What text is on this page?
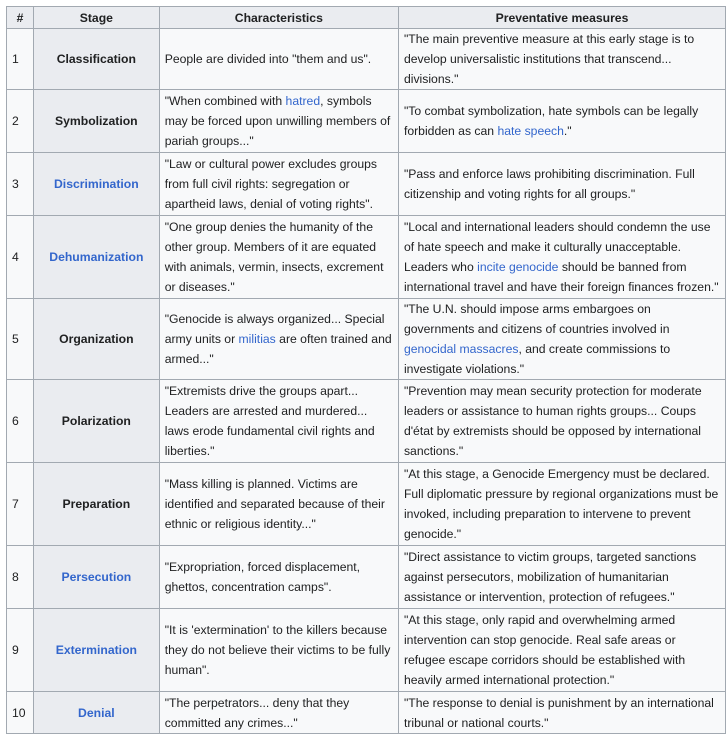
#	Stage	Characteristics	Preventative measures
1	Classification	People are divided into "them and us".	"The main preventive measure at this early stage is to develop universalistic institutions that transcend... divisions."
2	Symbolization	"When combined with hatred, symbols may be forced upon unwilling members of pariah groups..."	"To combat symbolization, hate symbols can be legally forbidden as can hate speech."
3	Discrimination	"Law or cultural power excludes groups from full civil rights: segregation or apartheid laws, denial of voting rights".	"Pass and enforce laws prohibiting discrimination. Full citizenship and voting rights for all groups."
4	Dehumanization	"One group denies the humanity of the other group. Members of it are equated with animals, vermin, insects, excrement or diseases."	"Local and international leaders should condemn the use of hate speech and make it culturally unacceptable. Leaders who incite genocide should be banned from international travel and have their foreign finances frozen."
5	Organization	"Genocide is always organized... Special army units or militias are often trained and armed..."	"The U.N. should impose arms embargoes on governments and citizens of countries involved in genocidal massacres, and create commissions to investigate violations."
6	Polarization	"Extremists drive the groups apart... Leaders are arrested and murdered... laws erode fundamental civil rights and liberties."	"Prevention may mean security protection for moderate leaders or assistance to human rights groups... Coups d'état by extremists should be opposed by international sanctions."
7	Preparation	"Mass killing is planned. Victims are identified and separated because of their ethnic or religious identity..."	"At this stage, a Genocide Emergency must be declared. Full diplomatic pressure by regional organizations must be invoked, including preparation to intervene to prevent genocide."
8	Persecution	"Expropriation, forced displacement, ghettos, concentration camps".	"Direct assistance to victim groups, targeted sanctions against persecutors, mobilization of humanitarian assistance or intervention, protection of refugees."
9	Extermination	"It is 'extermination' to the killers because they do not believe their victims to be fully human".	"At this stage, only rapid and overwhelming armed intervention can stop genocide. Real safe areas or refugee escape corridors should be established with heavily armed international protection."
10	Denial	"The perpetrators... deny that they committed any crimes..."	"The response to denial is punishment by an international tribunal or national courts."
